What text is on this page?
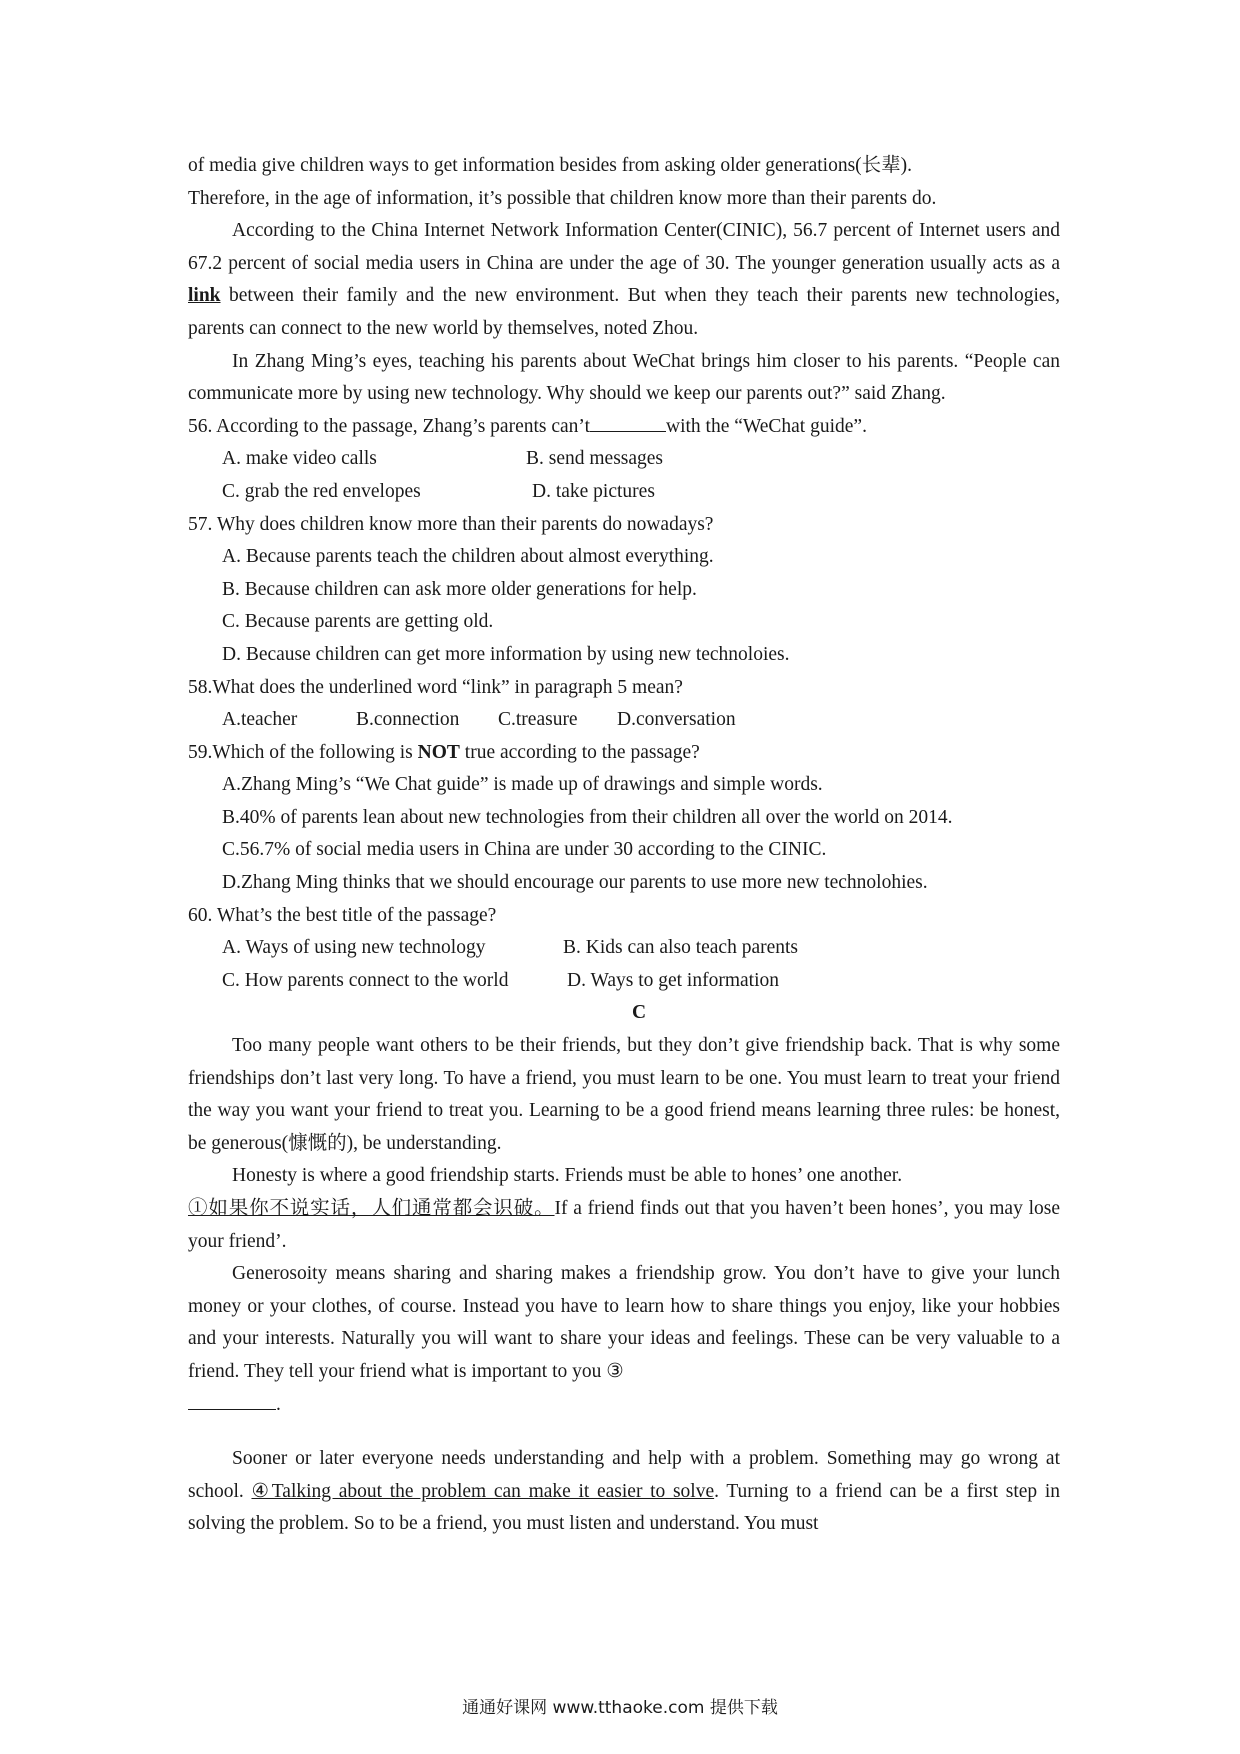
of media give children ways to get information besides from asking older generations(长辈).
Therefore, in the age of information, it’s possible that children know more than their parents do.

According to the China Internet Network Information Center(CINIC), 56.7 percent of Internet users and 67.2 percent of social media users in China are under the age of 30. The younger generation usually acts as a link between their family and the new environment. But when they teach their parents new technologies, parents can connect to the new world by themselves, noted Zhou.

In Zhang Ming’s eyes, teaching his parents about WeChat brings him closer to his parents. “People can communicate more by using new technology. Why should we keep our parents out?” said Zhang.

56. According to the passage, Zhang’s parents can’t	with the “WeChat guide”.

A. make video calls	B. send messages
C. grab the red envelopes	D. take pictures

57. Why does children know more than their parents do nowadays?

A. Because parents teach the children about almost everything.

B. Because children can ask more older generations for help.

C. Because parents are getting old.

D. Because children can get more information by using new technoloies.

58.What does the underlined word “link” in paragraph 5 mean?

A.teacher	B.connection	C.treasure	D.conversation

59.Which of the following is NOT true according to the passage?

A.Zhang Ming’s “We Chat guide” is made up of drawings and simple words.

B.40% of parents lean about new technologies from their children all over the world on 2014.

C.56.7% of social media users in China are under 30 according to the CINIC.

D.Zhang Ming thinks that we should encourage our parents to use more new technolohies.

60. What’s the best title of the passage?

A. Ways of using new technology	B. Kids can also teach parents
C. How parents connect to the world	D. Ways to get information

C

Too many people want others to be their friends, but they don’t give friendship back. That is why some friendships don’t last very long. To have a friend, you must learn to be one. You must learn to treat your friend the way you want your friend to treat you. Learning to be a good friend means learning three rules: be honest, be generous(慷慨的), be understanding.

Honesty is where a good friendship starts. Friends must be able to hones’ one another.

①如果你不说实话，人们通常都会识破。If a friend finds out that you haven’t been hones’, you may lose your friend’.

Generosoity means sharing and sharing makes a friendship grow. You don’t have to give your lunch money or your clothes, of course. Instead you have to learn how to share things you enjoy, like your hobbies and your interests. Naturally you will want to share your ideas and feelings. These can be very valuable to a friend. They tell your friend what is important to you ③
.

Sooner or later everyone needs understanding and help with a problem. Something may go wrong at school. ④Talking about the problem can make it easier to solve. Turning to a friend can be a first step in solving the problem. So to be a friend, you must listen and understand. You must

通通好课网 www.tthaoke.com 提供下载
